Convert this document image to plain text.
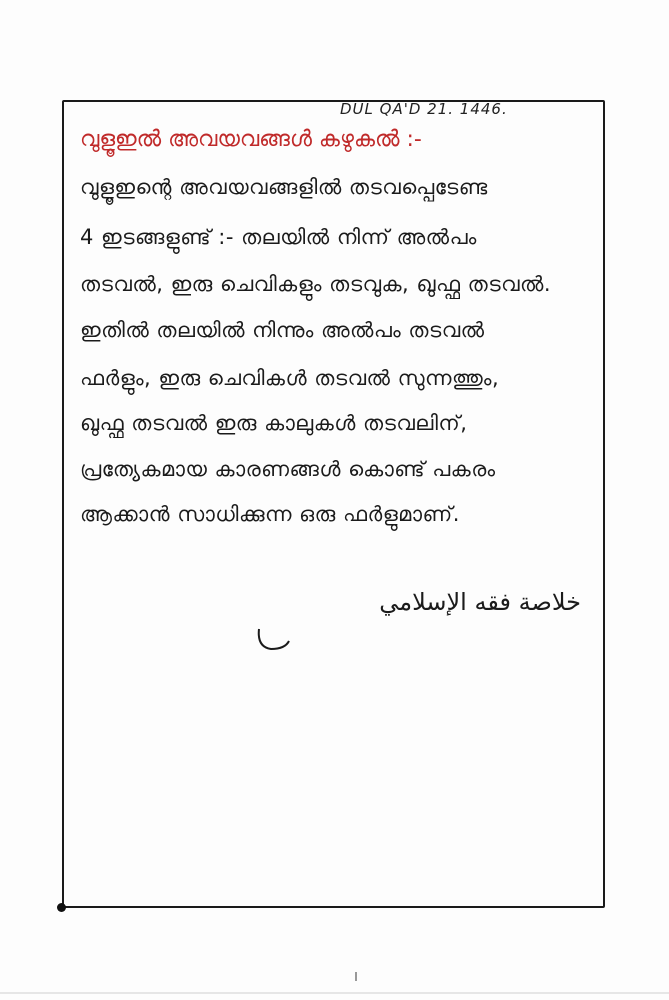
DUL QA'D 21. 1446.
വുളൂഇൽ അവയവങ്ങൾ കഴുകൽ :-
വുളൂഇന്റെ അവയവങ്ങളിൽ തടവപ്പെടേണ്ട
4 ഇടങ്ങളുണ്ട് :- തലയിൽ നിന്ന് അൽപം
തടവൽ, ഇരു ചെവികളും തടവുക, ഖുഫ്ഫ തടവൽ.
ഇതിൽ തലയിൽ നിന്നും അൽപം തടവൽ
ഫർളും, ഇരു ചെവികൾ തടവൽ സുന്നത്തും,
ഖുഫ്ഫ തടവൽ ഇരു കാലുകൾ തടവലിന്,
പ്രത്യേകമായ കാരണങ്ങൾ കൊണ്ട് പകരം
ആക്കാൻ സാധിക്കുന്ന ഒരു ഫർളുമാണ്.
خلاصة فقه الإسلامي
